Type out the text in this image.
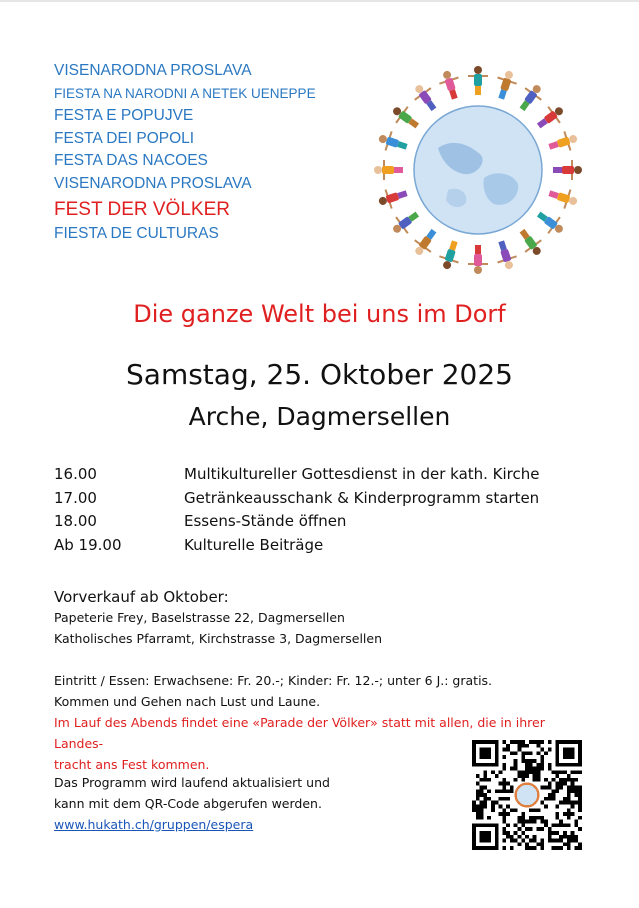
VISENARODNA PROSLAVA
FIESTA NA NARODNI A NETEK UENEPPE
FESTA E POPUJVE
FESTA DEI POPOLI
FESTA DAS NACOES
VISENARODNA PROSLAVA
FEST DER VÖLKER
FIESTA DE CULTURAS
Die ganze Welt bei uns im Dorf
Samstag, 25. Oktober 2025
Arche, Dagmersellen
16.00	Multikultureller Gottesdienst in der kath. Kirche
17.00	Getränkeausschank & Kinderprogramm starten
18.00	Essens-Stände öffnen
Ab 19.00	Kulturelle Beiträge
Vorverkauf ab Oktober:
Papeterie Frey, Baselstrasse 22, Dagmersellen
Katholisches Pfarramt, Kirchstrasse 3, Dagmersellen
Eintritt / Essen: Erwachsene: Fr. 20.-; Kinder: Fr. 12.-; unter 6 J.: gratis.
Kommen und Gehen nach Lust und Laune.
Im Lauf des Abends findet eine «Parade der Völker» statt mit allen, die in ihrer Landes-
tracht ans Fest kommen.
Das Programm wird laufend aktualisiert und
kann mit dem QR-Code abgerufen werden.
www.hukath.ch/gruppen/espera
